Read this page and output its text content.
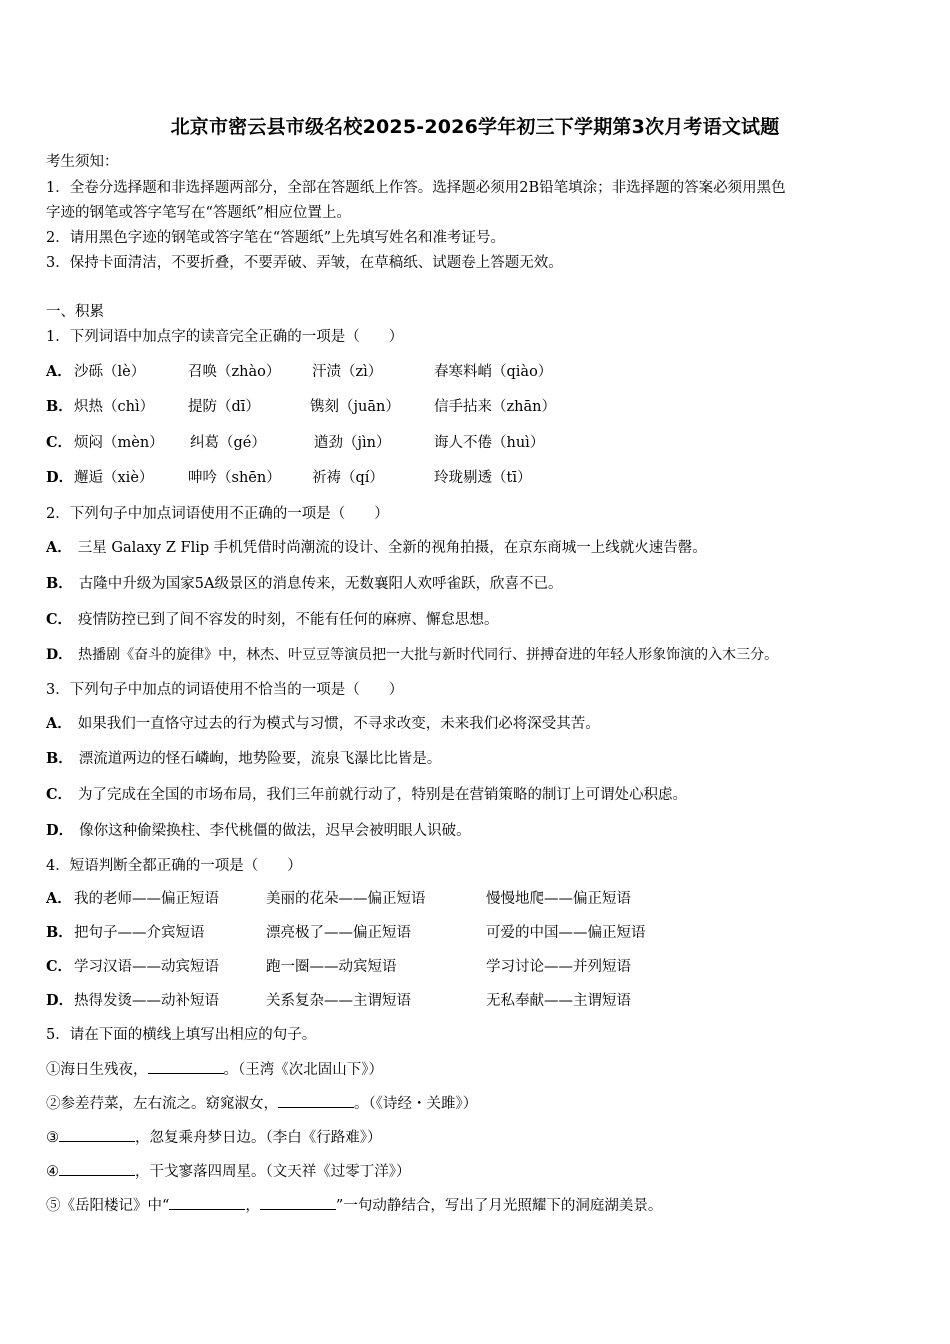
北京市密云县市级名校2025-2026学年初三下学期第3次月考语文试题
考生须知：
1．全卷分选择题和非选择题两部分，全部在答题纸上作答。选择题必须用2B铅笔填涂；非选择题的答案必须用黑色
字迹的钢笔或答字笔写在“答题纸”相应位置上。
2．请用黑色字迹的钢笔或答字笔在“答题纸”上先填写姓名和准考证号。
3．保持卡面清洁，不要折叠，不要弄破、弄皱，在草稿纸、试题卷上答题无效。
一、积累
1．下列词语中加点字的读音完全正确的一项是（　　）
A． 沙砾（lè）	召唤（zhào） 汗渍（zì）	春寒料峭（qiào）
B． 炽热（chì） 提防（dī）	镌刻（juān） 信手拈来（zhān）
C． 烦闷（mèn） 纠葛（gé）	遒劲（jìn）	诲人不倦（huì）
D． 邂逅（xiè） 呻吟（shēn） 祈祷（qí）	玲珑剔透（tī）
2．下列句子中加点词语使用不正确的一项是（　　）
A． 三星 Galaxy Z Flip 手机凭借时尚潮流的设计、全新的视角拍摄，在京东商城一上线就火速告罄。
B． 古隆中升级为国家5A级景区的消息传来，无数襄阳人欢呼雀跃，欣喜不已。
C． 疫情防控已到了间不容发的时刻，不能有任何的麻痹、懈怠思想。
D． 热播剧《奋斗的旋律》中，林杰、叶豆豆等演员把一大批与新时代同行、拼搏奋进的年轻人形象饰演的入木三分。
3．下列句子中加点的词语使用不恰当的一项是（　　）
A． 如果我们一直恪守过去的行为模式与习惯，不寻求改变，未来我们必将深受其苦。
B． 漂流道两边的怪石嶙峋，地势险要，流泉飞瀑比比皆是。
C． 为了完成在全国的市场布局，我们三年前就行动了，特别是在营销策略的制订上可谓处心积虑。
D． 像你这种偷梁换柱、李代桃僵的做法，迟早会被明眼人识破。
4．短语判断全都正确的一项是（　　）
A． 我的老师——偏正短语	美丽的花朵——偏正短语	慢慢地爬——偏正短语
B． 把句子——介宾短语	漂亮极了——偏正短语	可爱的中国——偏正短语
C． 学习汉语——动宾短语	跑一圈——动宾短语	学习讨论——并列短语
D． 热得发烫——动补短语	关系复杂——主谓短语	无私奉献——主谓短语
5．请在下面的横线上填写出相应的句子。
①海日生残夜，	。（王湾《次北固山下》）
②参差荇菜，左右流之。窈窕淑女，	。（《诗经・关雎》）
③	，忽复乘舟梦日边。（李白《行路难》）
④	，干戈寥落四周星。（文天祥《过零丁洋》）
⑤《岳阳楼记》中“	，	”一句动静结合，写出了月光照耀下的洞庭湖美景。
